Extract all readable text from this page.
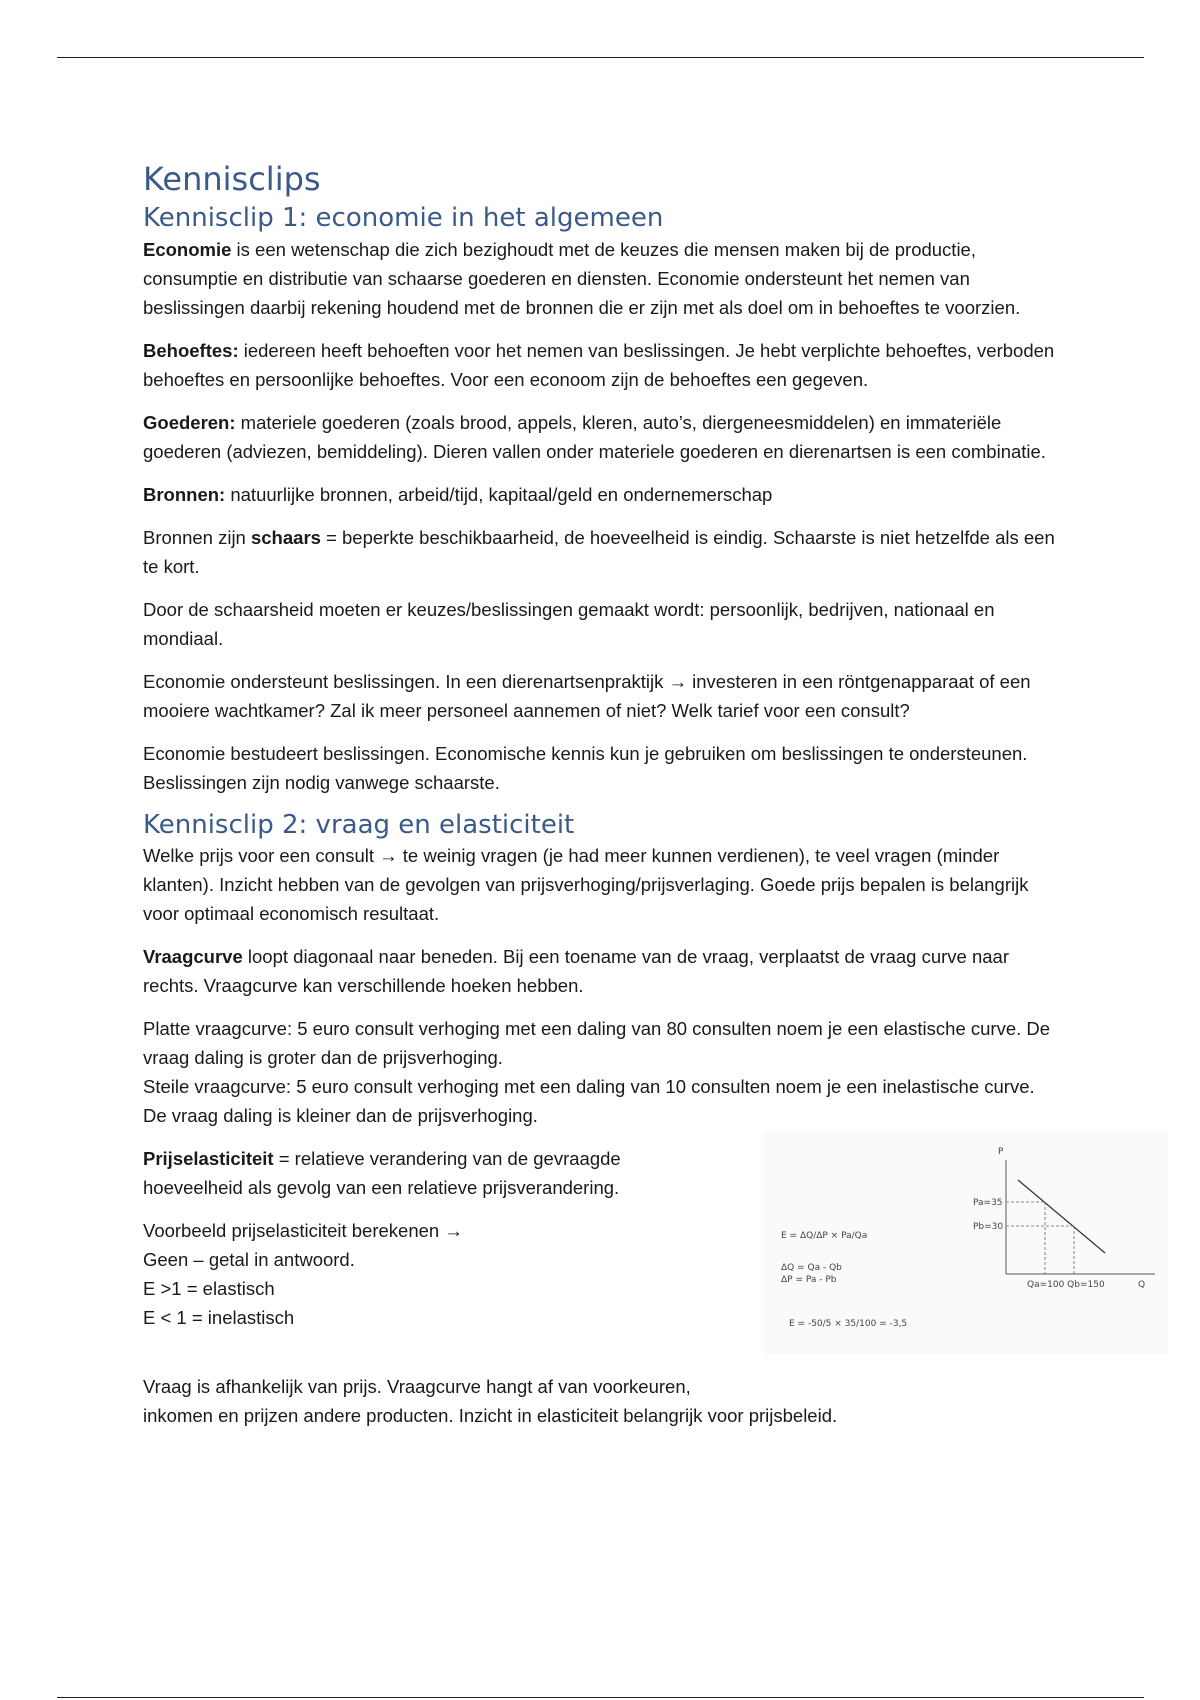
Kennisclips
Kennisclip 1: economie in het algemeen

Economie is een wetenschap die zich bezighoudt met de keuzes die mensen maken bij de productie, consumptie en distributie van schaarse goederen en diensten. Economie ondersteunt het nemen van beslissingen daarbij rekening houdend met de bronnen die er zijn met als doel om in behoeftes te voorzien.

Behoeftes: iedereen heeft behoeften voor het nemen van beslissingen. Je hebt verplichte behoeftes, verboden behoeftes en persoonlijke behoeftes. Voor een econoom zijn de behoeftes een gegeven.

Goederen: materiele goederen (zoals brood, appels, kleren, auto’s, diergeneesmiddelen) en immateriële goederen (adviezen, bemiddeling). Dieren vallen onder materiele goederen en dierenartsen is een combinatie.

Bronnen: natuurlijke bronnen, arbeid/tijd, kapitaal/geld en ondernemerschap

Bronnen zijn schaars = beperkte beschikbaarheid, de hoeveelheid is eindig. Schaarste is niet hetzelfde als een te kort.

Door de schaarsheid moeten er keuzes/beslissingen gemaakt wordt: persoonlijk, bedrijven, nationaal en mondiaal.

Economie ondersteunt beslissingen. In een dierenartsenpraktijk → investeren in een röntgenapparaat of een mooiere wachtkamer? Zal ik meer personeel aannemen of niet? Welk tarief voor een consult?

Economie bestudeert beslissingen. Economische kennis kun je gebruiken om beslissingen te ondersteunen. Beslissingen zijn nodig vanwege schaarste.

Kennisclip 2: vraag en elasticiteit

Welke prijs voor een consult → te weinig vragen (je had meer kunnen verdienen), te veel vragen (minder klanten). Inzicht hebben van de gevolgen van prijsverhoging/prijsverlaging. Goede prijs bepalen is belangrijk voor optimaal economisch resultaat.

Vraagcurve loopt diagonaal naar beneden. Bij een toename van de vraag, verplaatst de vraag curve naar rechts. Vraagcurve kan verschillende hoeken hebben.

Platte vraagcurve: 5 euro consult verhoging met een daling van 80 consulten noem je een elastische curve. De vraag daling is groter dan de prijsverhoging.
Steile vraagcurve: 5 euro consult verhoging met een daling van 10 consulten noem je een inelastische curve. De vraag daling is kleiner dan de prijsverhoging.

Prijselasticiteit = relatieve verandering van de gevraagde hoeveelheid als gevolg van een relatieve prijsverandering.

Voorbeeld prijselasticiteit berekenen →
Geen – getal in antwoord.
E >1 = elastisch
E < 1 = inelastisch

E = ΔQ/ΔP × Pa/Qa
ΔQ = Qa - Qb
ΔP = Pa - Pb
E = -50/5 × 35/100 = -3,5
P
Pa=35
Pb=30
Qa=100 Qb=150	Q

Vraag is afhankelijk van prijs. Vraagcurve hangt af van voorkeuren,
inkomen en prijzen andere producten. Inzicht in elasticiteit belangrijk voor prijsbeleid.
